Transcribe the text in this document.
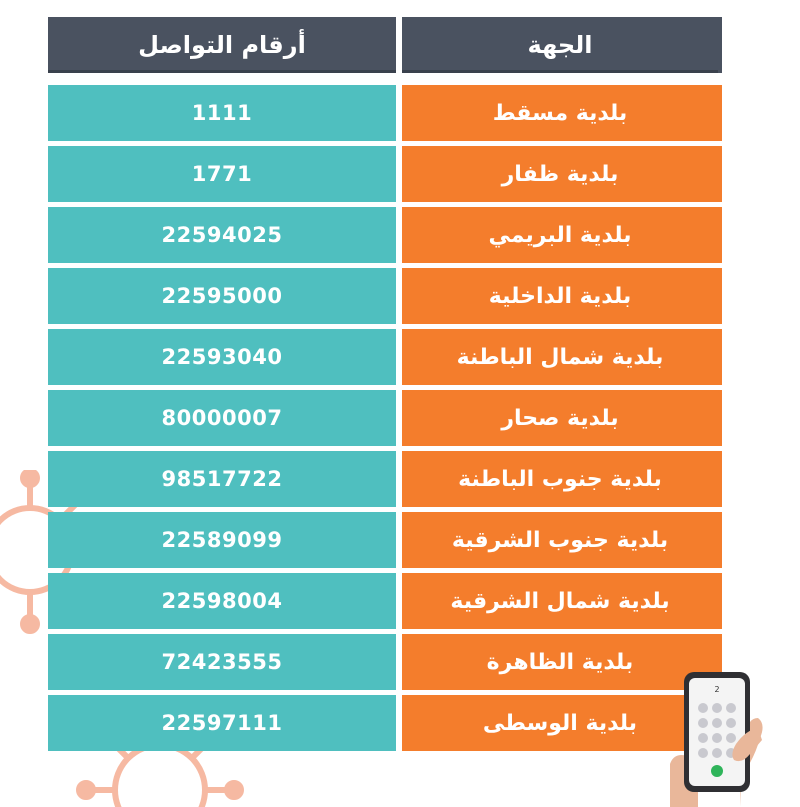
أرقام التواصل	الجهة
1111	بلدية مسقط
1771	بلدية ظفار
22594025	بلدية البريمي
22595000	بلدية الداخلية
22593040	بلدية شمال الباطنة
80000007	بلدية صحار
98517722	بلدية جنوب الباطنة
22589099	بلدية جنوب الشرقية
22598004	بلدية شمال الشرقية
72423555	بلدية الظاهرة
22597111	بلدية الوسطى
2
